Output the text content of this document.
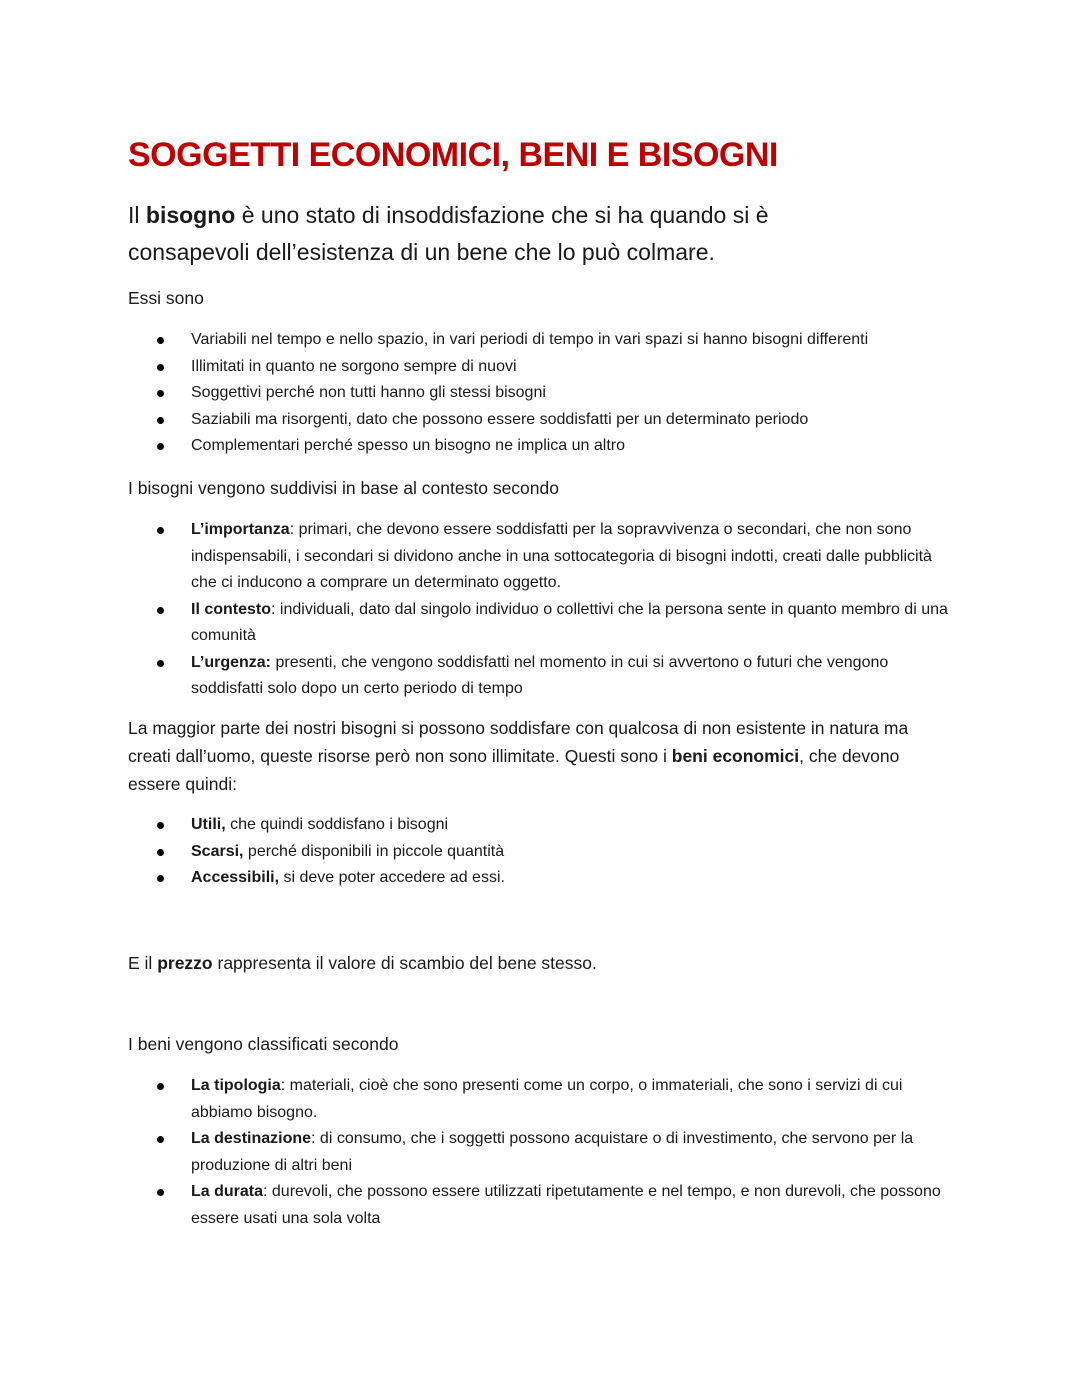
SOGGETTI ECONOMICI, BENI E BISOGNI

Il bisogno è uno stato di insoddisfazione che si ha quando si è consapevoli dell’esistenza di un bene che lo può colmare.

Essi sono

Variabili nel tempo e nello spazio, in vari periodi di tempo in vari spazi si hanno bisogni differenti
Illimitati in quanto ne sorgono sempre di nuovi
Soggettivi perché non tutti hanno gli stessi bisogni
Saziabili ma risorgenti, dato che possono essere soddisfatti per un determinato periodo
Complementari perché spesso un bisogno ne implica un altro

I bisogni vengono suddivisi in base al contesto secondo

L’importanza: primari, che devono essere soddisfatti per la sopravvivenza o secondari, che non sono indispensabili, i secondari si dividono anche in una sottocategoria di bisogni indotti, creati dalle pubblicità che ci inducono a comprare un determinato oggetto.
Il contesto: individuali, dato dal singolo individuo o collettivi che la persona sente in quanto membro di una comunità
L’urgenza: presenti, che vengono soddisfatti nel momento in cui si avvertono o futuri che vengono soddisfatti solo dopo un certo periodo di tempo

La maggior parte dei nostri bisogni si possono soddisfare con qualcosa di non esistente in natura ma creati dall’uomo, queste risorse però non sono illimitate. Questi sono i beni economici, che devono essere quindi:

Utili, che quindi soddisfano i bisogni
Scarsi, perché disponibili in piccole quantità
Accessibili, si deve poter accedere ad essi.

E il prezzo rappresenta il valore di scambio del bene stesso.

I beni vengono classificati secondo

La tipologia: materiali, cioè che sono presenti come un corpo, o immateriali, che sono i servizi di cui abbiamo bisogno.
La destinazione: di consumo, che i soggetti possono acquistare o di investimento, che servono per la produzione di altri beni
La durata: durevoli, che possono essere utilizzati ripetutamente e nel tempo, e non durevoli, che possono essere usati una sola volta
